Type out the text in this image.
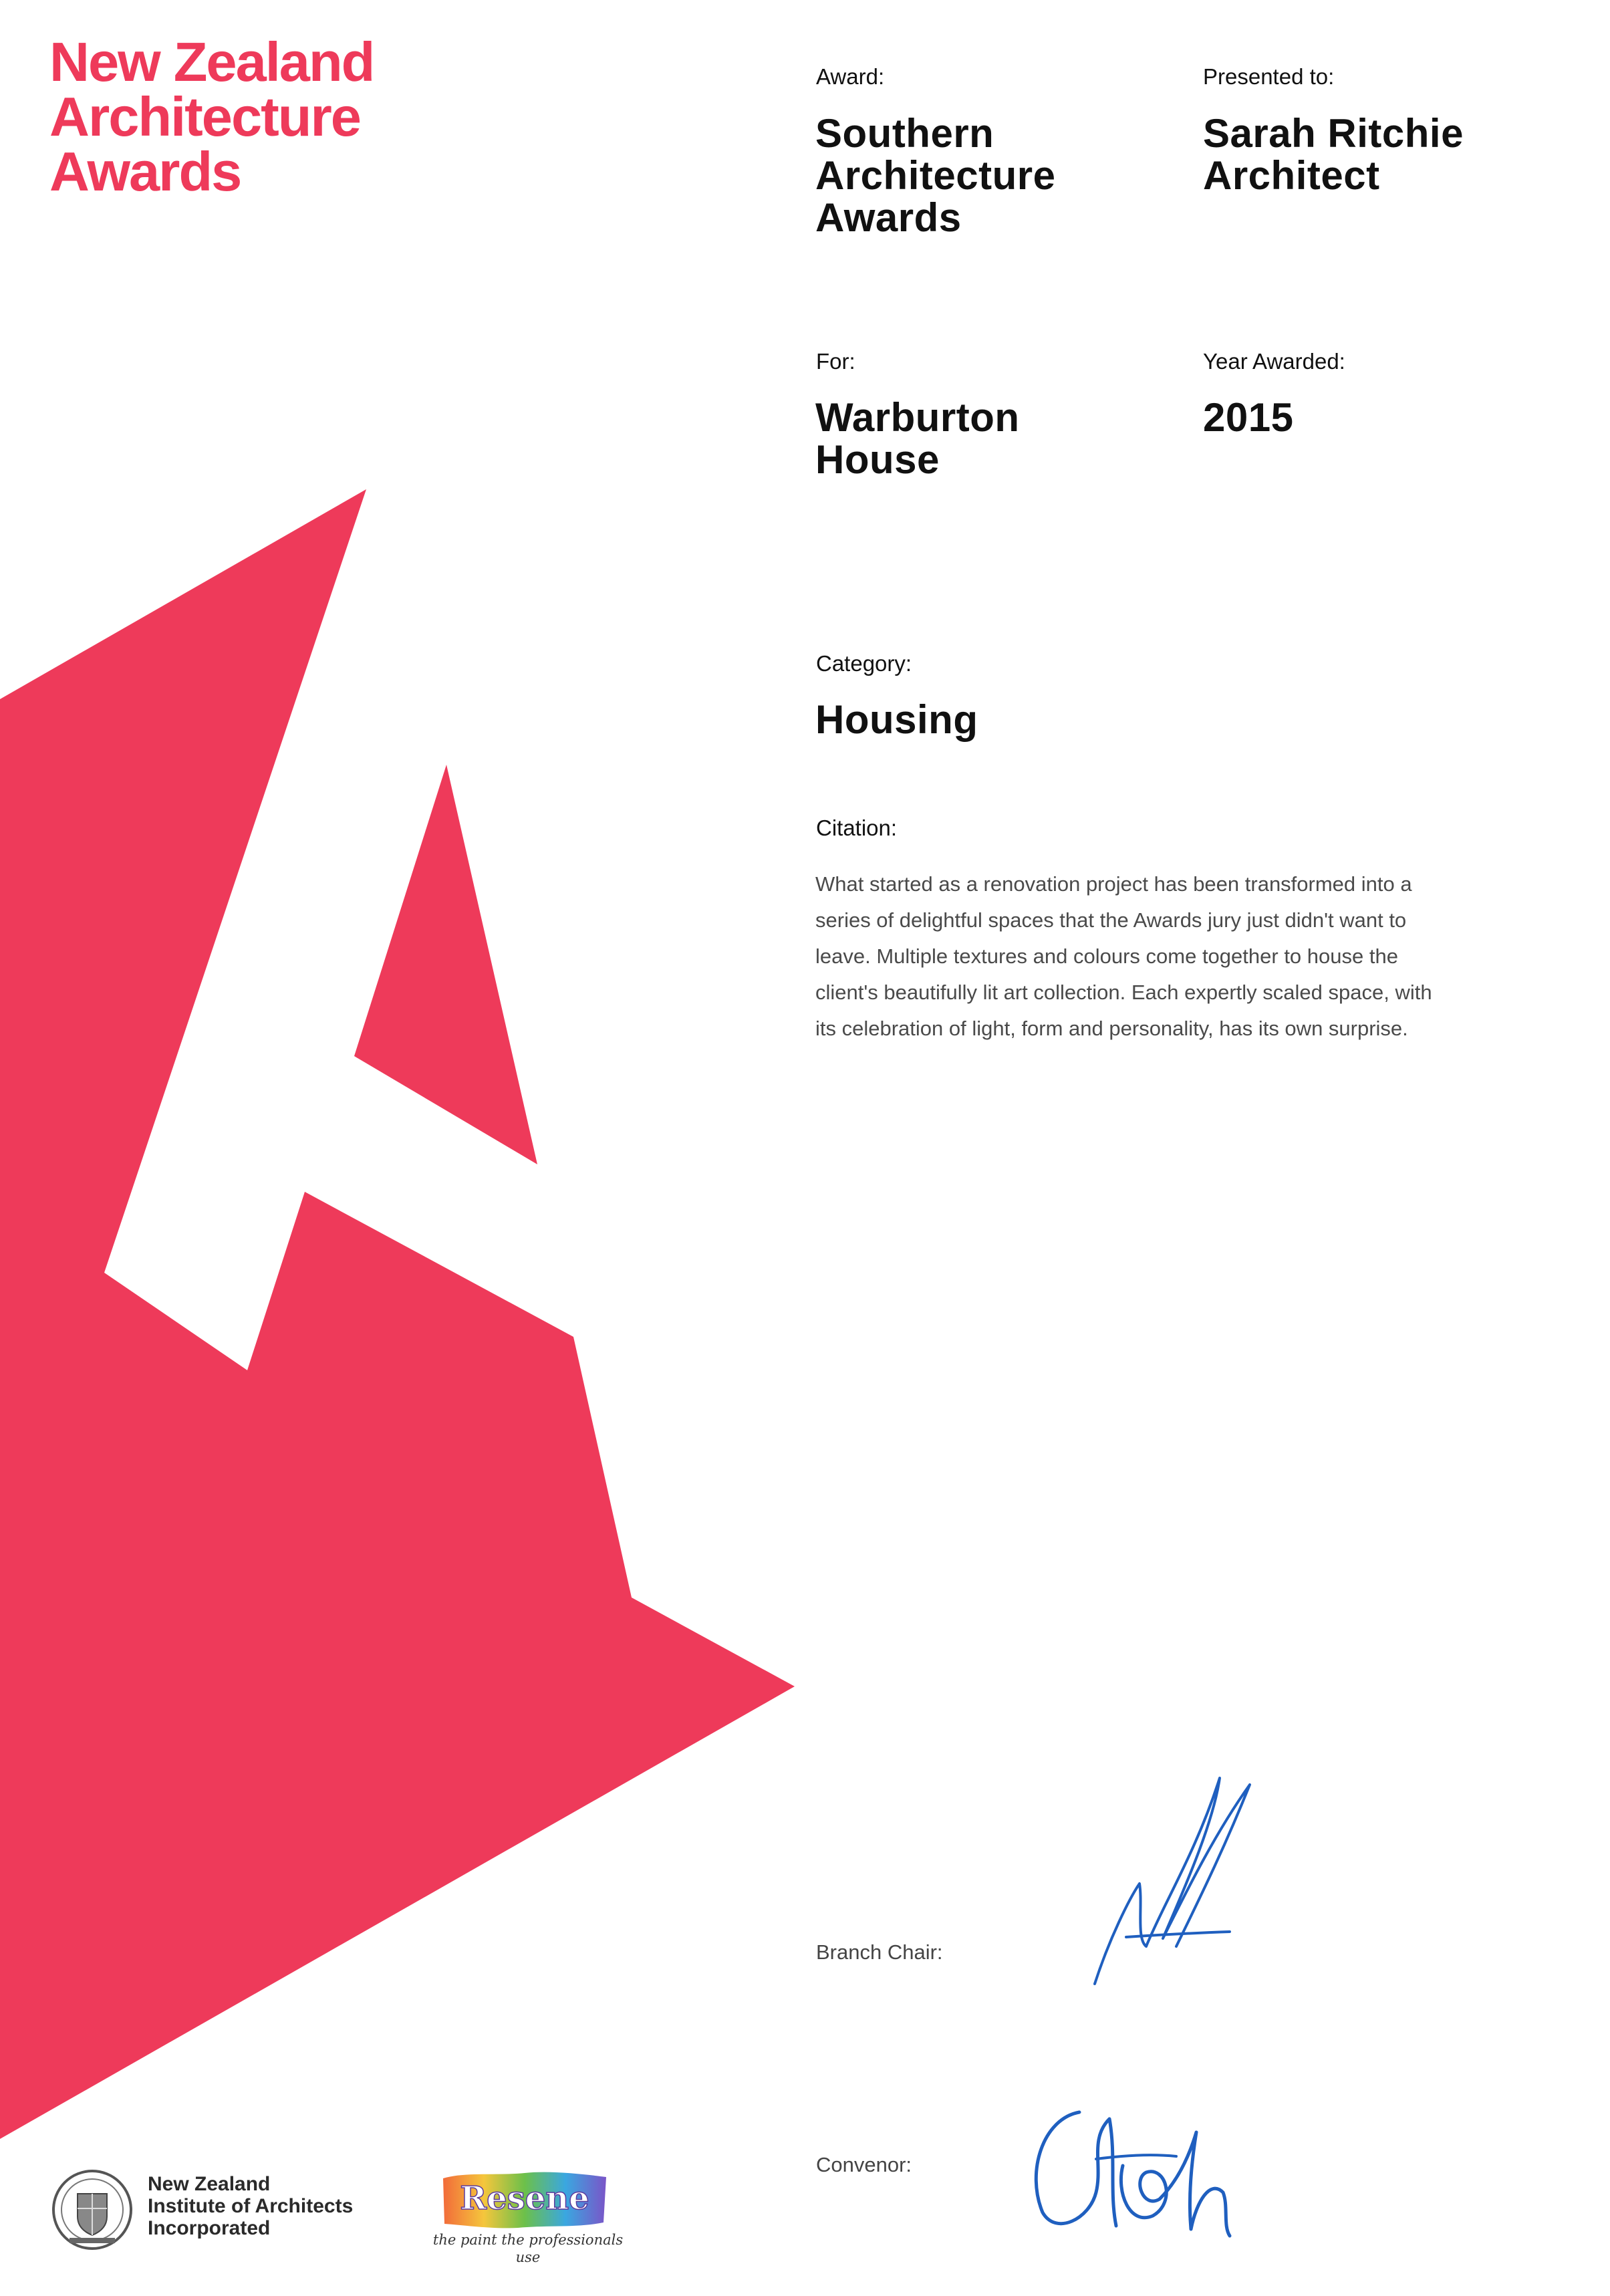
New Zealand
Architecture
Awards
Award:
Southern
Architecture
Awards
Presented to:
Sarah Ritchie
Architect
For:
Warburton
House
Year Awarded:
2015
Category:
Housing
Citation:
What started as a renovation project has been transformed into a
series of delightful spaces that the Awards jury just didn't want to
leave. Multiple textures and colours come together to house the
client's beautifully lit art collection. Each expertly scaled space, with
its celebration of light, form and personality, has its own surprise.
Branch Chair:
Convenor:
New Zealand
Institute of Architects
Incorporated
Resene
the paint the professionals use
